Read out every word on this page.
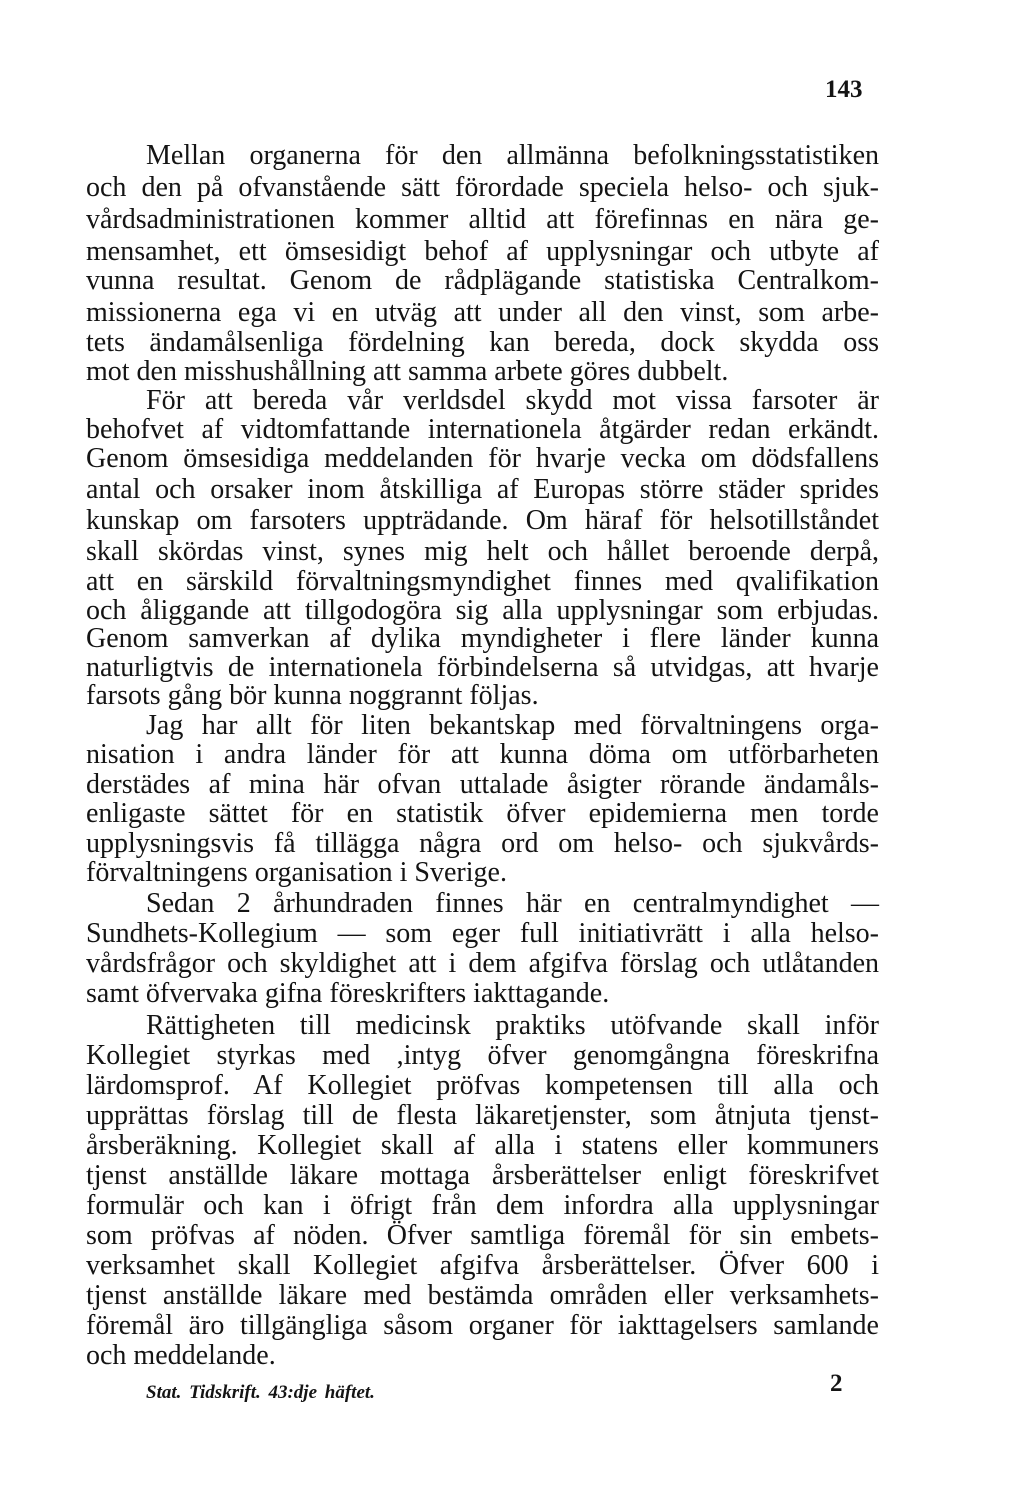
143
Mellan organerna för den allmänna befolkningsstatistiken
och den på ofvanstående sätt förordade speciela helso- och sjuk-
vårdsadministrationen kommer alltid att förefinnas en nära ge-
mensamhet, ett ömsesidigt behof af upplysningar och utbyte af
vunna resultat. Genom de rådplägande statistiska Centralkom-
missionerna ega vi en utväg att under all den vinst, som arbe-
tets ändamålsenliga fördelning kan bereda, dock skydda oss
mot den misshushållning att samma arbete göres dubbelt.
För att bereda vår verldsdel skydd mot vissa farsoter är
behofvet af vidtomfattande internationela åtgärder redan erkändt.
Genom ömsesidiga meddelanden för hvarje vecka om dödsfallens
antal och orsaker inom åtskilliga af Europas större städer sprides
kunskap om farsoters uppträdande. Om häraf för helsotillståndet
skall skördas vinst, synes mig helt och hållet beroende derpå,
att en särskild förvaltningsmyndighet finnes med qvalifikation
och åliggande att tillgodogöra sig alla upplysningar som erbjudas.
Genom samverkan af dylika myndigheter i flere länder kunna
naturligtvis de internationela förbindelserna så utvidgas, att hvarje
farsots gång bör kunna noggrannt följas.
Jag har allt för liten bekantskap med förvaltningens orga-
nisation i andra länder för att kunna döma om utförbarheten
derstädes af mina här ofvan uttalade åsigter rörande ändamåls-
enligaste sättet för en statistik öfver epidemierna men torde
upplysningsvis få tillägga några ord om helso- och sjukvårds-
förvaltningens organisation i Sverige.
Sedan 2 århundraden finnes här en centralmyndighet —
Sundhets-Kollegium — som eger full initiativrätt i alla helso-
vårdsfrågor och skyldighet att i dem afgifva förslag och utlåtanden
samt öfvervaka gifna föreskrifters iakttagande.
Rättigheten till medicinsk praktiks utöfvande skall inför
Kollegiet styrkas med ,intyg öfver genomgångna föreskrifna
lärdomsprof. Af Kollegiet pröfvas kompetensen till alla och
upprättas förslag till de flesta läkaretjenster, som åtnjuta tjenst-
årsberäkning. Kollegiet skall af alla i statens eller kommuners
tjenst anställde läkare mottaga årsberättelser enligt föreskrifvet
formulär och kan i öfrigt från dem infordra alla upplysningar
som pröfvas af nöden. Öfver samtliga föremål för sin embets-
verksamhet skall Kollegiet afgifva årsberättelser. Öfver 600 i
tjenst anställde läkare med bestämda områden eller verksamhets-
föremål äro tillgängliga såsom organer för iakttagelsers samlande
och meddelande.
Stat. Tidskrift. 43:dje häftet.	2
